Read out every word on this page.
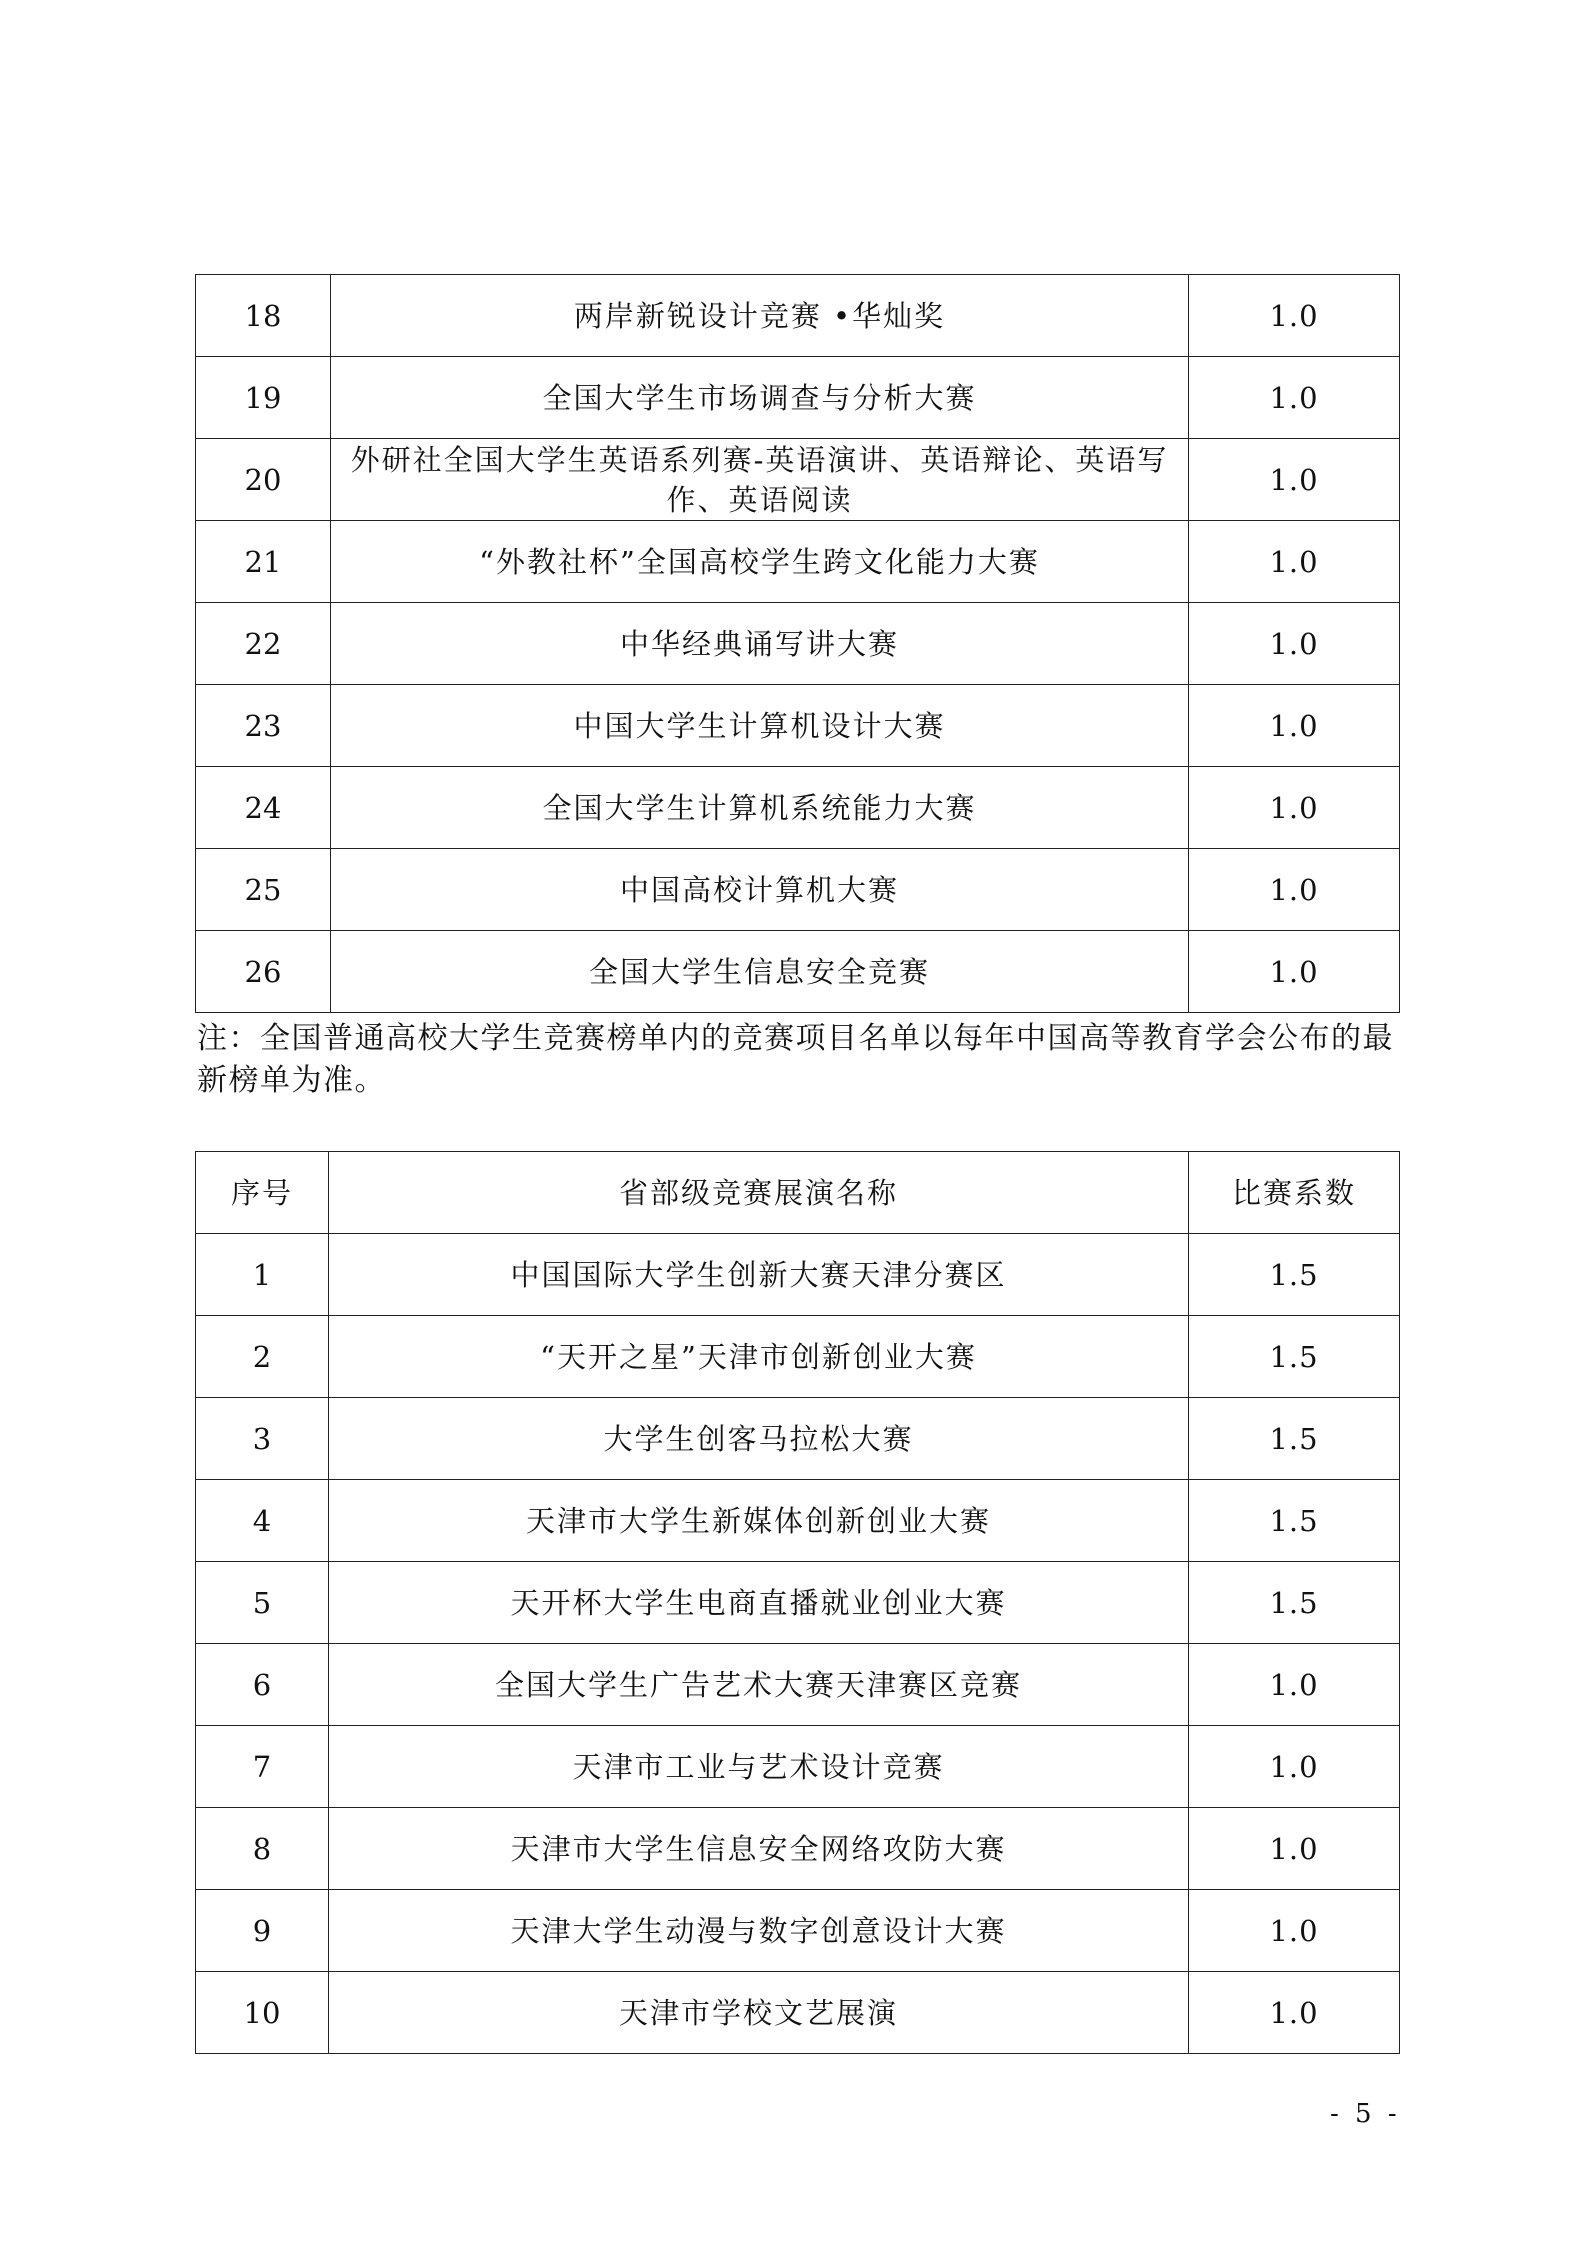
18	两岸新锐设计竞赛 •华灿奖	1.0
19	全国大学生市场调查与分析大赛	1.0
20	外研社全国大学生英语系列赛-英语演讲、英语辩论、英语写作、英语阅读	1.0
21	“外教社杯”全国高校学生跨文化能力大赛	1.0
22	中华经典诵写讲大赛	1.0
23	中国大学生计算机设计大赛	1.0
24	全国大学生计算机系统能力大赛	1.0
25	中国高校计算机大赛	1.0
26	全国大学生信息安全竞赛	1.0
注：全国普通高校大学生竞赛榜单内的竞赛项目名单以每年中国高等教育学会公布的最新榜单为准。
序号	省部级竞赛展演名称	比赛系数
1	中国国际大学生创新大赛天津分赛区	1.5
2	“天开之星”天津市创新创业大赛	1.5
3	大学生创客马拉松大赛	1.5
4	天津市大学生新媒体创新创业大赛	1.5
5	天开杯大学生电商直播就业创业大赛	1.5
6	全国大学生广告艺术大赛天津赛区竞赛	1.0
7	天津市工业与艺术设计竞赛	1.0
8	天津市大学生信息安全网络攻防大赛	1.0
9	天津大学生动漫与数字创意设计大赛	1.0
10	天津市学校文艺展演	1.0
- 5 -
